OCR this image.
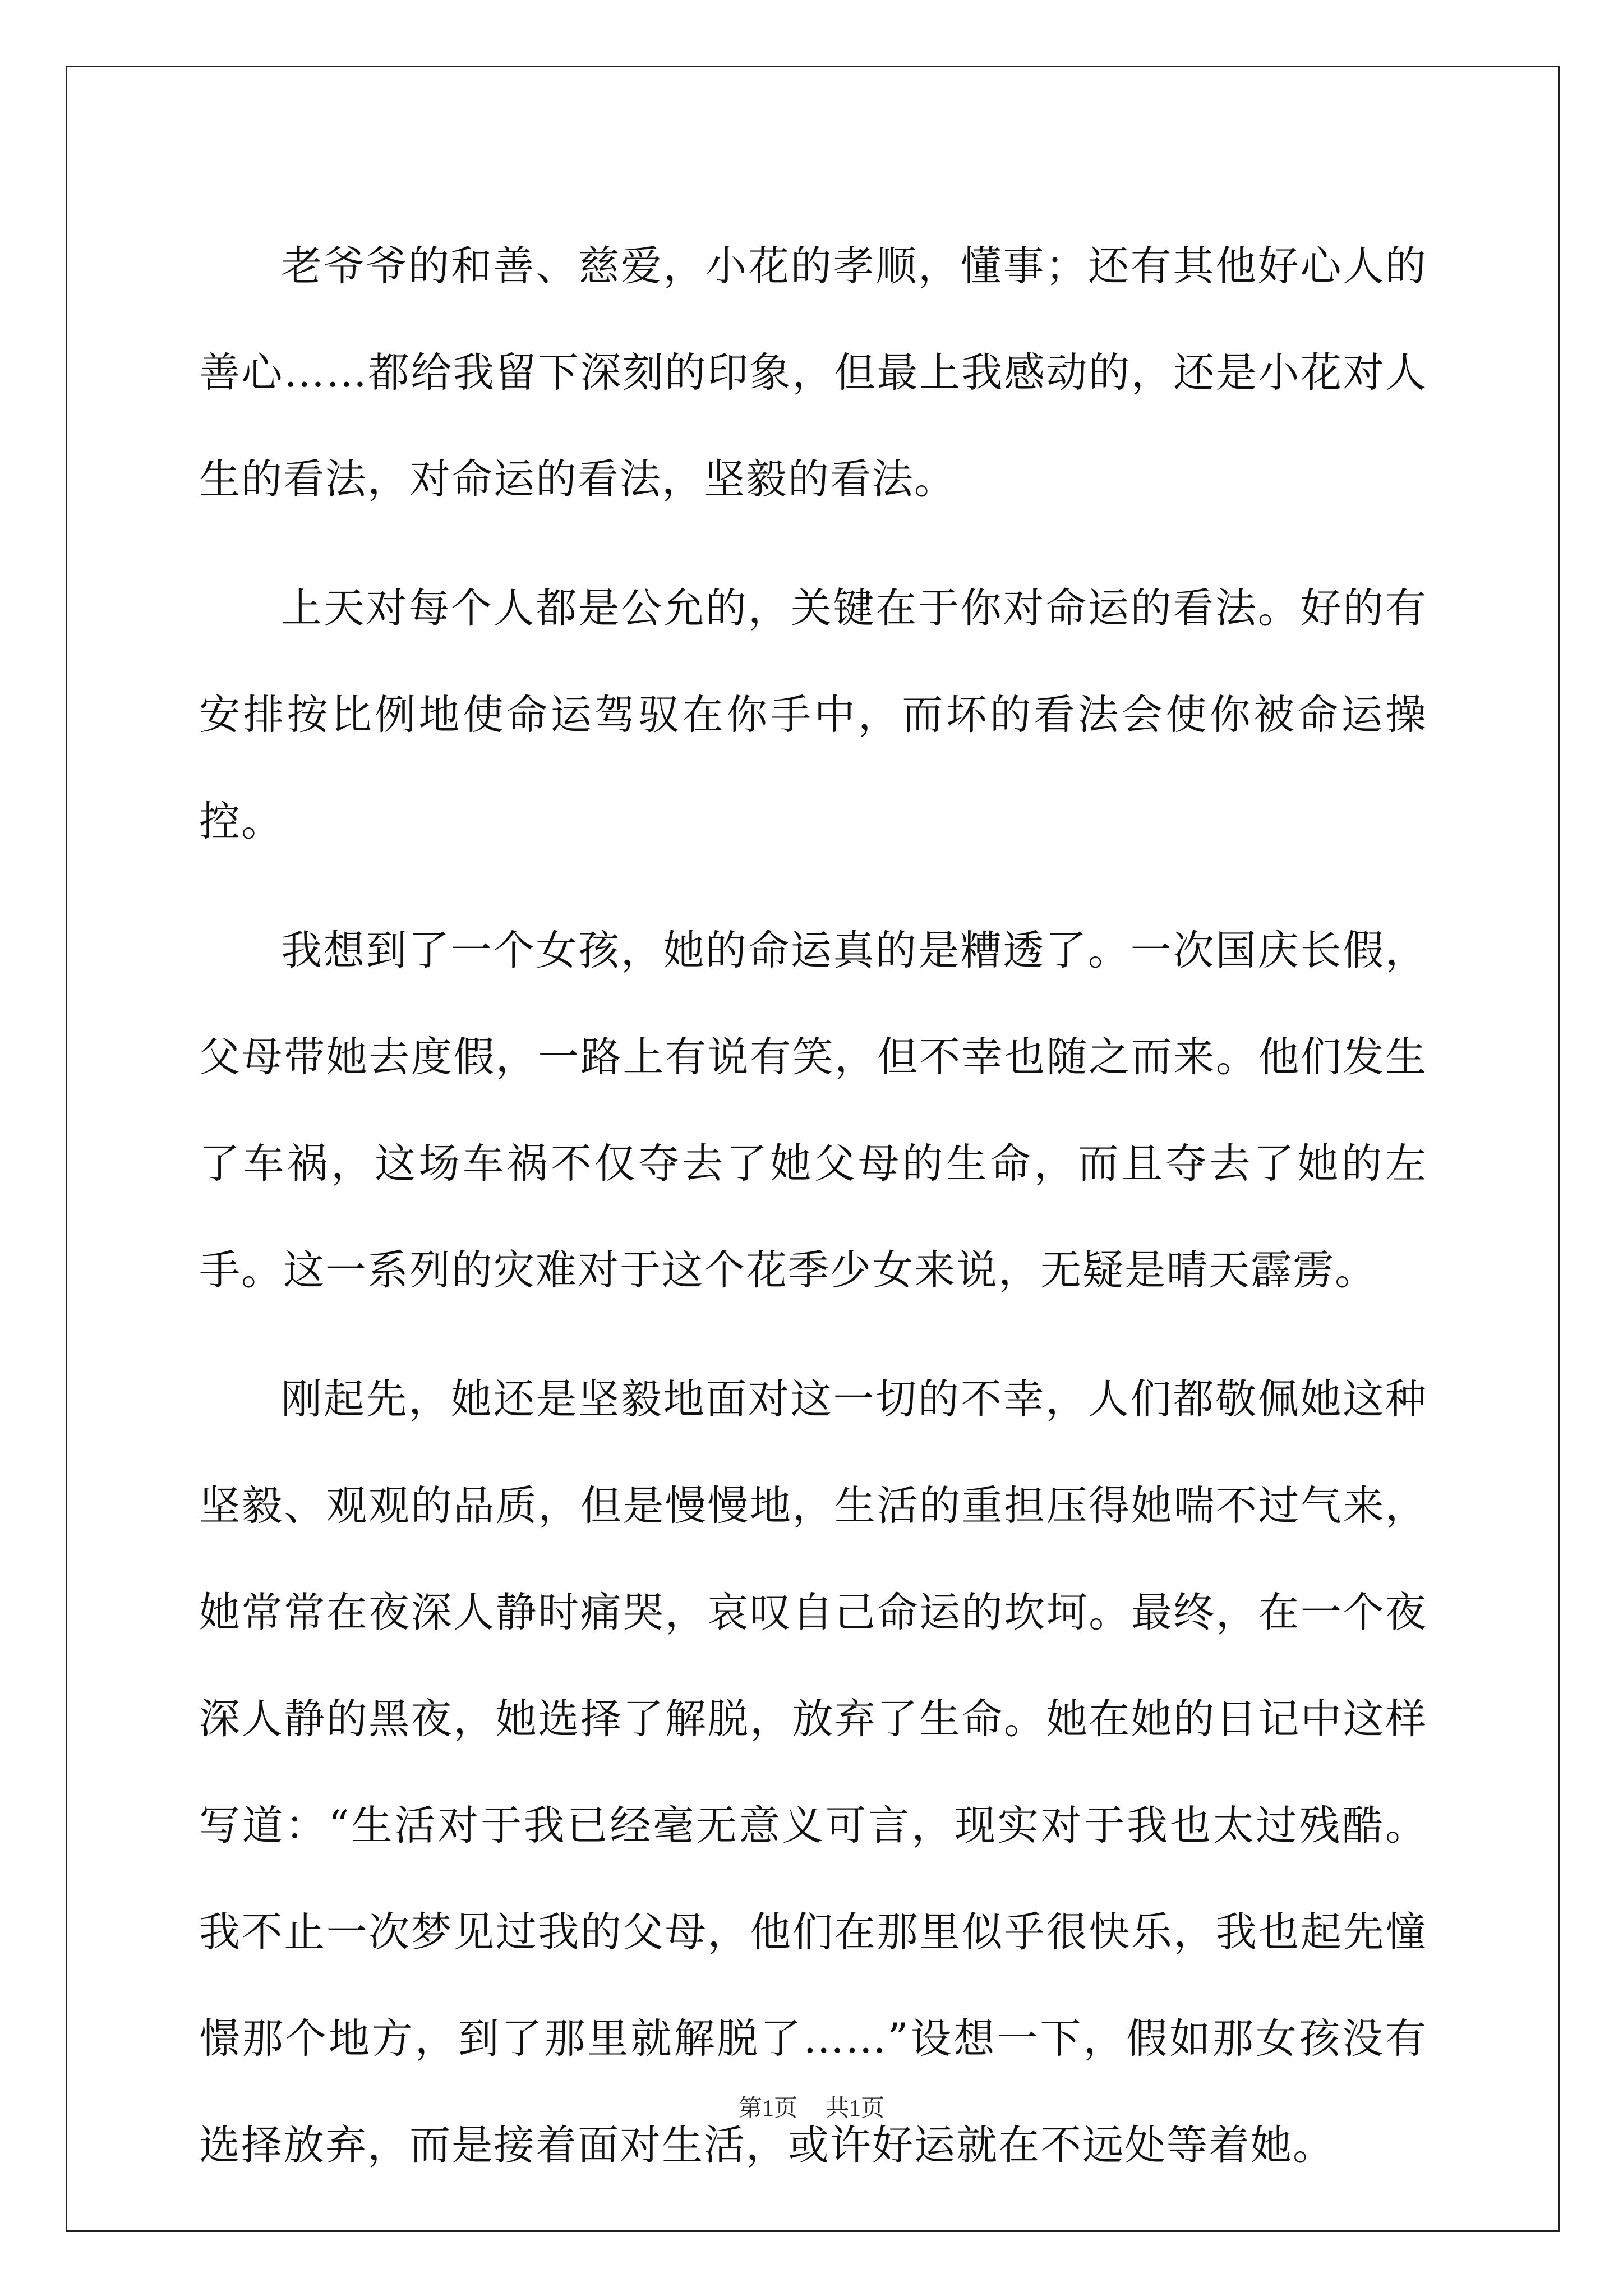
老爷爷的和善、慈爱，小花的孝顺，懂事；还有其他好心人的善心……都给我留下深刻的印象，但最上我感动的，还是小花对人生的看法，对命运的看法，坚毅的看法。

上天对每个人都是公允的，关键在于你对命运的看法。好的有安排按比例地使命运驾驭在你手中，而坏的看法会使你被命运操控。

我想到了一个女孩，她的命运真的是糟透了。一次国庆长假，父母带她去度假，一路上有说有笑，但不幸也随之而来。他们发生了车祸，这场车祸不仅夺去了她父母的生命，而且夺去了她的左手。这一系列的灾难对于这个花季少女来说，无疑是晴天霹雳。

刚起先，她还是坚毅地面对这一切的不幸，人们都敬佩她这种坚毅、观观的品质，但是慢慢地，生活的重担压得她喘不过气来，她常常在夜深人静时痛哭，哀叹自己命运的坎坷。最终，在一个夜深人静的黑夜，她选择了解脱，放弃了生命。她在她的日记中这样写道：“生活对于我已经毫无意义可言，现实对于我也太过残酷。我不止一次梦见过我的父母，他们在那里似乎很快乐，我也起先憧憬那个地方，到了那里就解脱了……”设想一下，假如那女孩没有选择放弃，而是接着面对生活，或许好运就在不远处等着她。

第1页 共1页
